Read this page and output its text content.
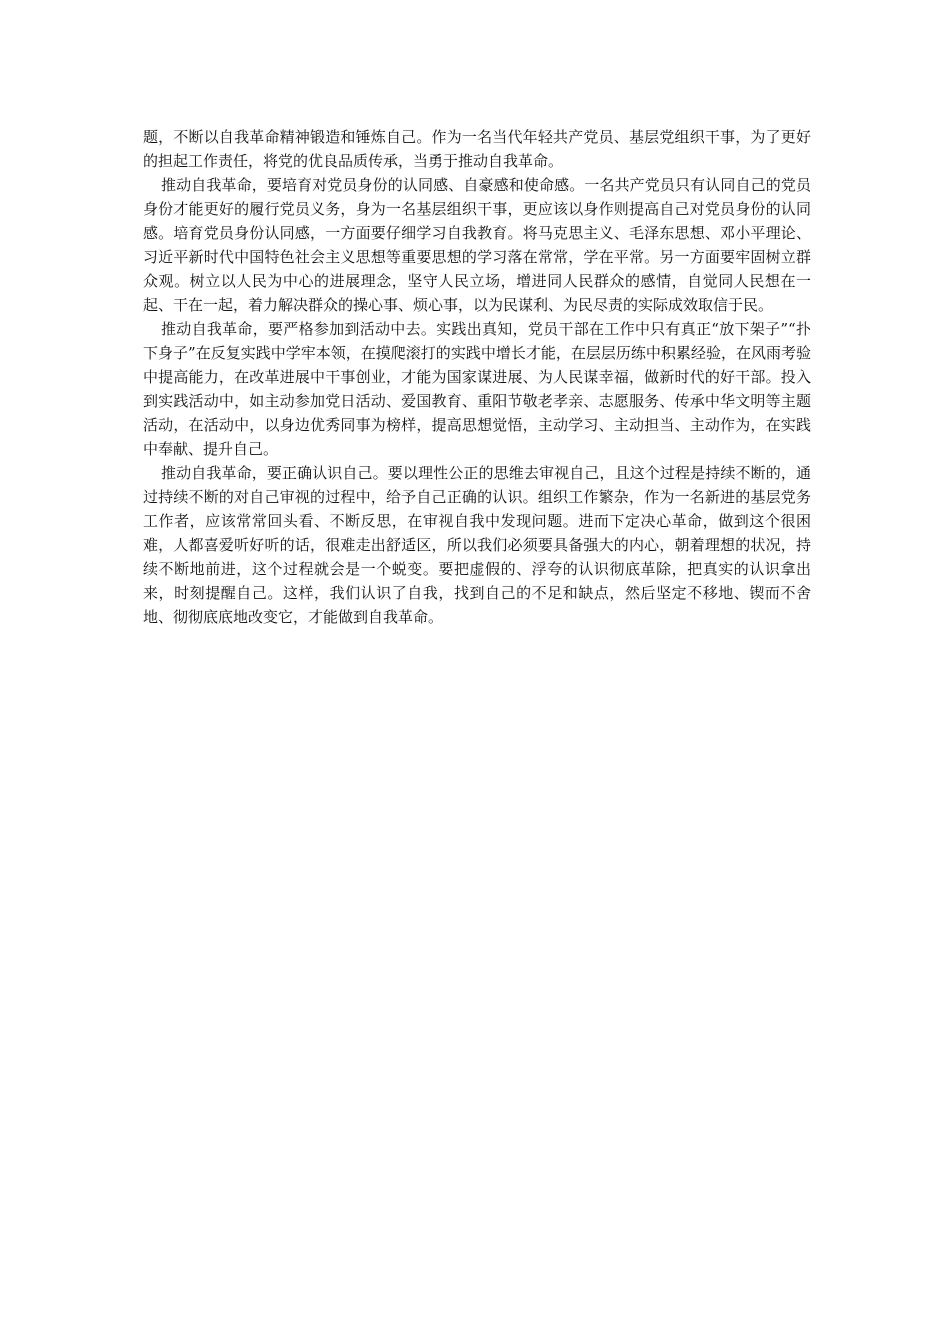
题，不断以自我革命精神锻造和锤炼自己。作为一名当代年轻共产党员、基层党组织干事，为了更好的担起工作责任，将党的优良品质传承，当勇于推动自我革命。

推动自我革命，要培育对党员身份的认同感、自豪感和使命感。一名共产党员只有认同自己的党员身份才能更好的履行党员义务，身为一名基层组织干事，更应该以身作则提高自己对党员身份的认同感。培育党员身份认同感，一方面要仔细学习自我教育。将马克思主义、毛泽东思想、邓小平理论、习近平新时代中国特色社会主义思想等重要思想的学习落在常常，学在平常。另一方面要牢固树立群众观。树立以人民为中心的进展理念，坚守人民立场，增进同人民群众的感情，自觉同人民想在一起、干在一起，着力解决群众的操心事、烦心事，以为民谋利、为民尽责的实际成效取信于民。

推动自我革命，要严格参加到活动中去。实践出真知，党员干部在工作中只有真正“放下架子”“扑下身子”在反复实践中学牢本领，在摸爬滚打的实践中增长才能，在层层历练中积累经验，在风雨考验中提高能力，在改革进展中干事创业，才能为国家谋进展、为人民谋幸福，做新时代的好干部。投入到实践活动中，如主动参加党日活动、爱国教育、重阳节敬老孝亲、志愿服务、传承中华文明等主题活动，在活动中，以身边优秀同事为榜样，提高思想觉悟，主动学习、主动担当、主动作为，在实践中奉献、提升自己。

推动自我革命，要正确认识自己。要以理性公正的思维去审视自己，且这个过程是持续不断的，通过持续不断的对自己审视的过程中，给予自己正确的认识。组织工作繁杂，作为一名新进的基层党务工作者，应该常常回头看、不断反思，在审视自我中发现问题。进而下定决心革命，做到这个很困难，人都喜爱听好听的话，很难走出舒适区，所以我们必须要具备强大的内心，朝着理想的状况，持续不断地前进，这个过程就会是一个蜕变。要把虚假的、浮夸的认识彻底革除，把真实的认识拿出来，时刻提醒自己。这样，我们认识了自我，找到自己的不足和缺点，然后坚定不移地、锲而不舍地、彻彻底底地改变它，才能做到自我革命。
